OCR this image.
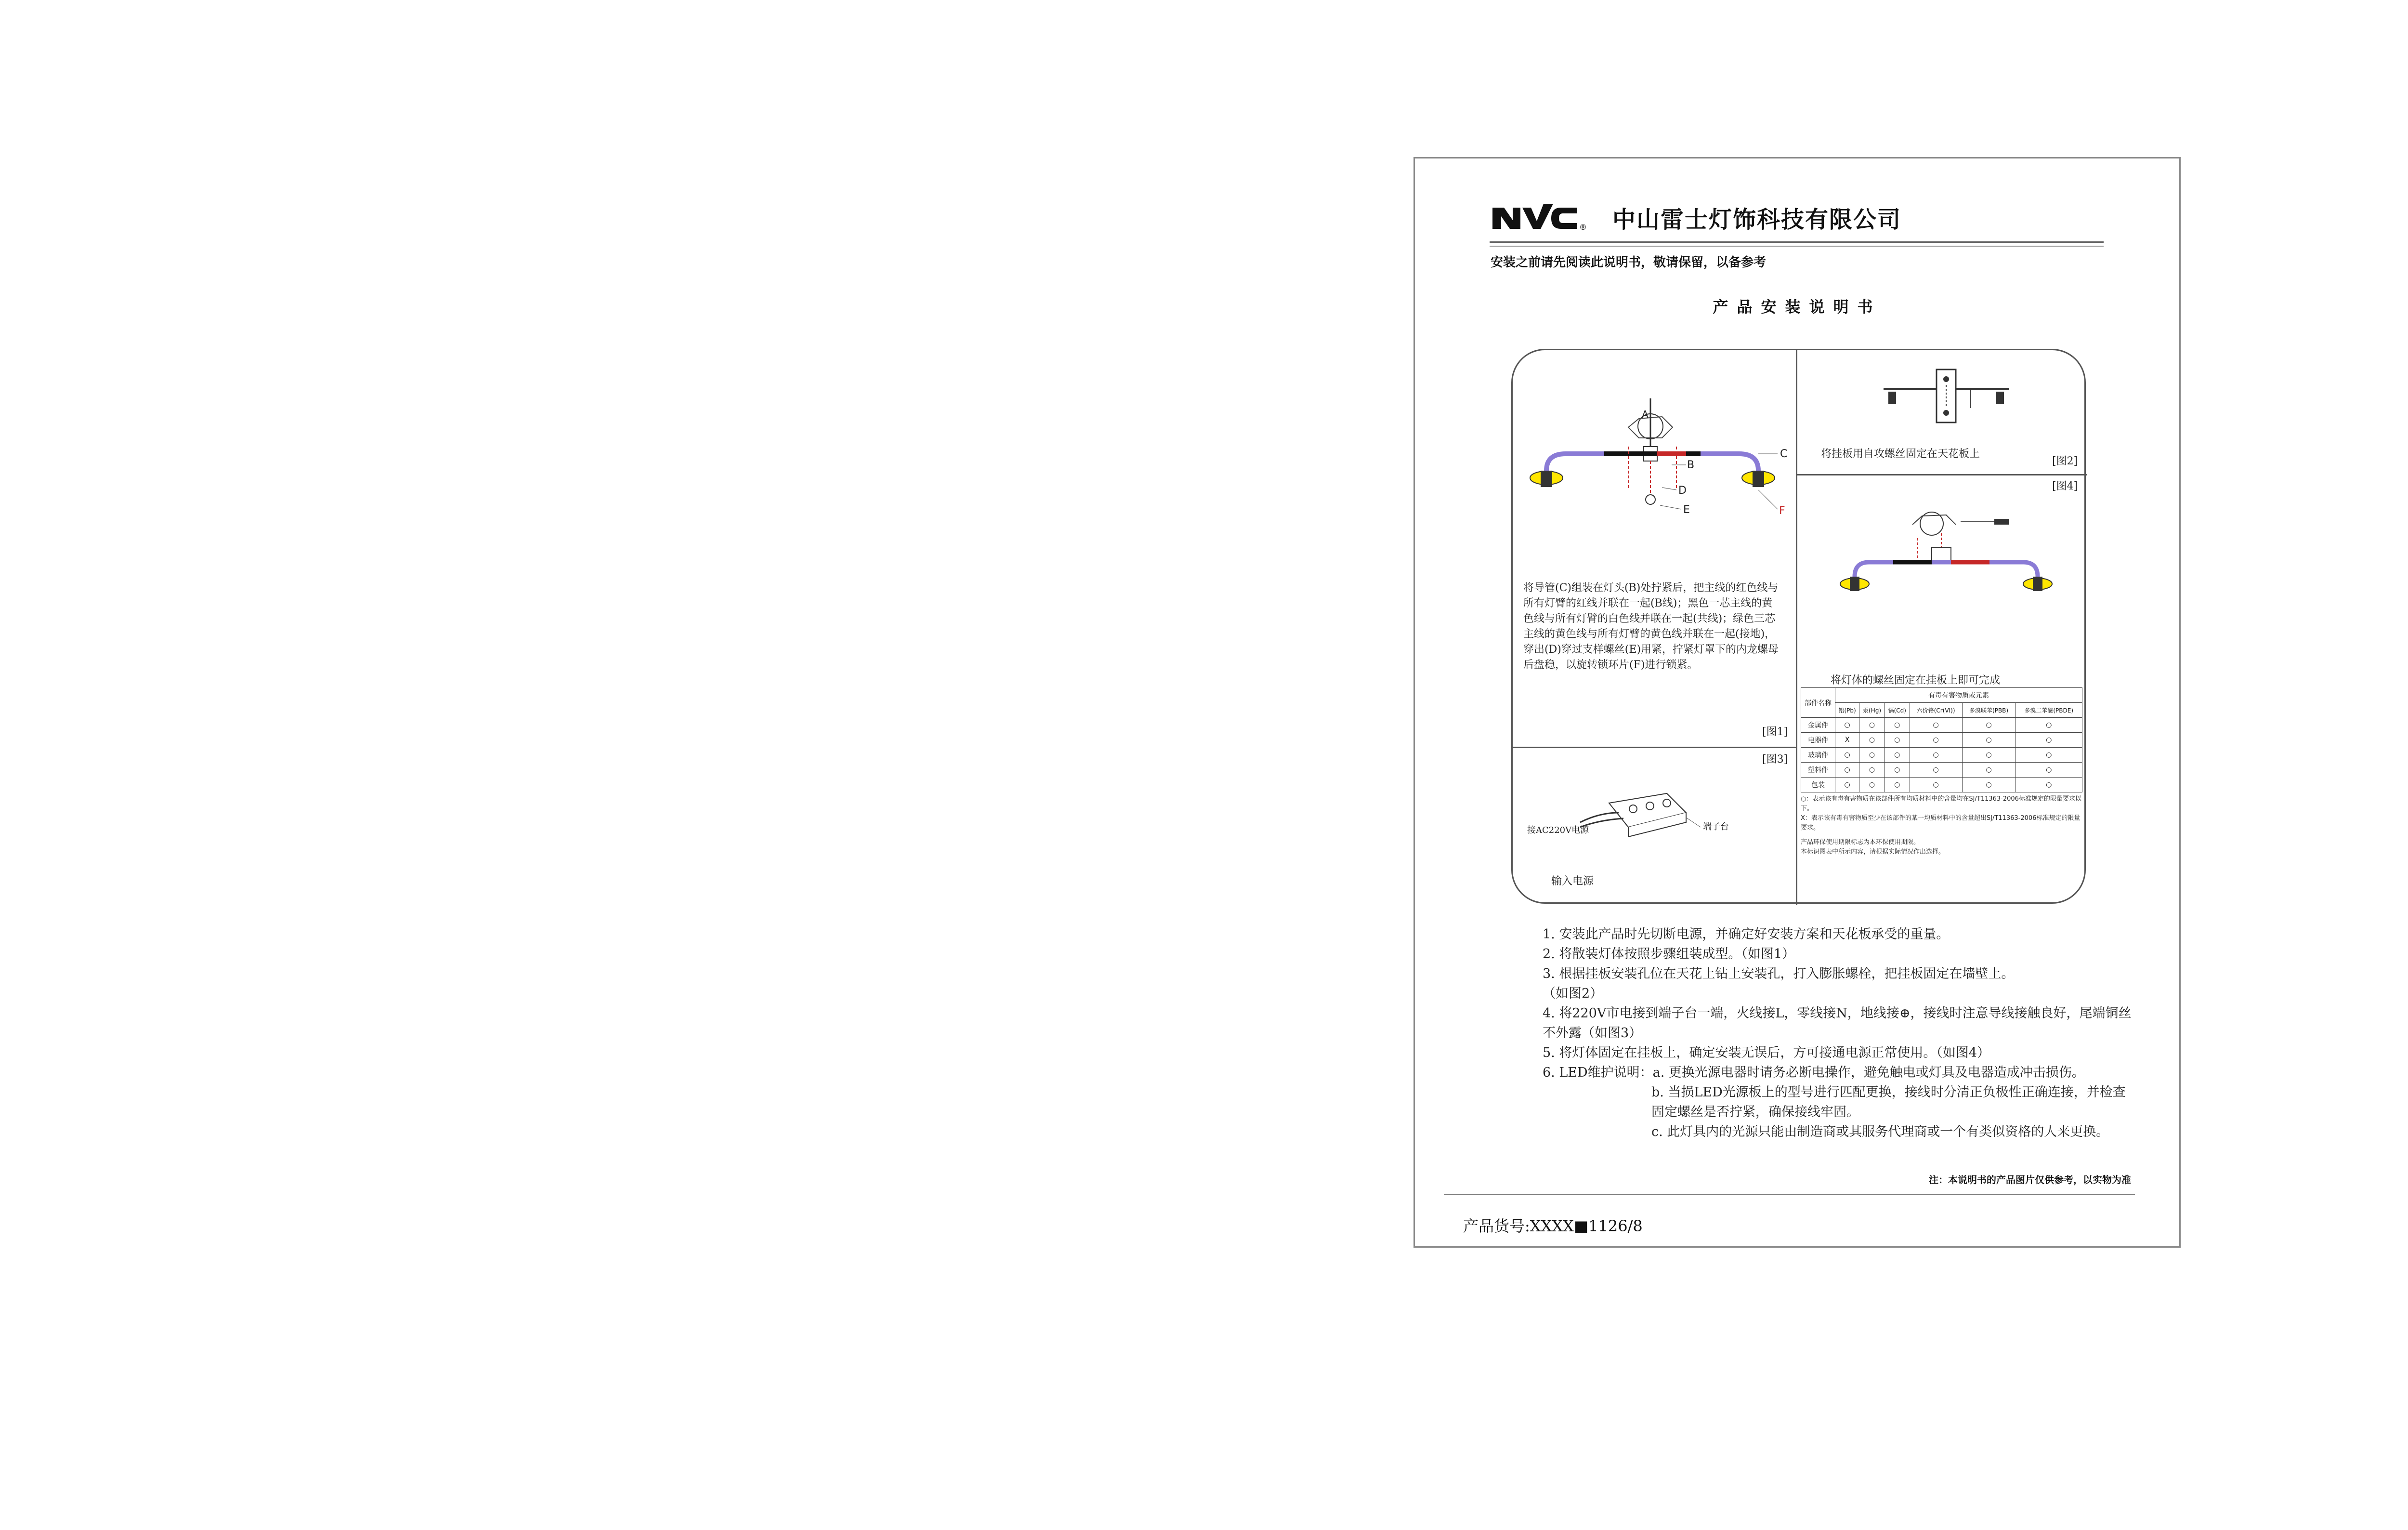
® 中山雷士灯饰科技有限公司
安装之前请先阅读此说明书，敬请保留，以备参考
产品安装说明书
A
B
C
D
E	F
将导管(C)组装在灯头(B)处拧紧后，把主线的红色线与所有灯臂的红线并联在一起(B线)；黑色一芯主线的黄色线与所有灯臂的白色线并联在一起(共线)；绿色三芯主线的黄色线与所有灯臂的黄色线并联在一起(接地)，穿出(D)穿过支样螺丝(E)用紧，拧紧灯罩下的内龙螺母后盘稳，以旋转锁环片(F)进行锁紧。
[图1]
[图3]
接AC220V电源	端子台
输入电源
将挂板用自攻螺丝固定在天花板上
[图2]
[图4]
将灯体的螺丝固定在挂板上即可完成
部件名称	有毒有害物质或元素					
	铅(Pb)	汞(Hg)	镉(Cd)	六价铬(Cr(VI))	多溴联苯(PBB)	多溴二苯醚(PBDE)
金属件	○	○	○	○	○	○
电器件	X	○	○	○	○	○
玻璃件	○	○	○	○	○	○
塑料件	○	○	○	○	○	○
包装	○	○	○	○	○	○
○：表示该有毒有害物质在该部件所有均质材料中的含量均在SJ/T11363-2006标准规定的限量要求以下。
X：表示该有毒有害物质至少在该部件的某一均质材料中的含量超出SJ/T11363-2006标准规定的限量要求。
产品环保使用期限标志为本环保使用期限。
本标识图表中所示内容，请根据实际情况作出选择。
1. 安装此产品时先切断电源，并确定好安装方案和天花板承受的重量。
2. 将散装灯体按照步骤组装成型。（如图1）
3. 根据挂板安装孔位在天花上钻上安装孔，打入膨胀螺栓，把挂板固定在墙壁上。（如图2）
4. 将220V市电接到端子台一端，火线接L，零线接N，地线接⊕，接线时注意导线接触良好，尾端铜丝不外露（如图3）
5. 将灯体固定在挂板上，确定安装无误后，方可接通电源正常使用。（如图4）
6. LED维护说明：a. 更换光源电器时请务必断电操作，避免触电或灯具及电器造成冲击损伤。
b. 当损LED光源板上的型号进行匹配更换，接线时分清正负极性正确连接，并检查固定螺丝是否拧紧，确保接线牢固。
c. 此灯具内的光源只能由制造商或其服务代理商或一个有类似资格的人来更换。
注：本说明书的产品图片仅供参考，以实物为准
产品货号:XXXX■1126/8
